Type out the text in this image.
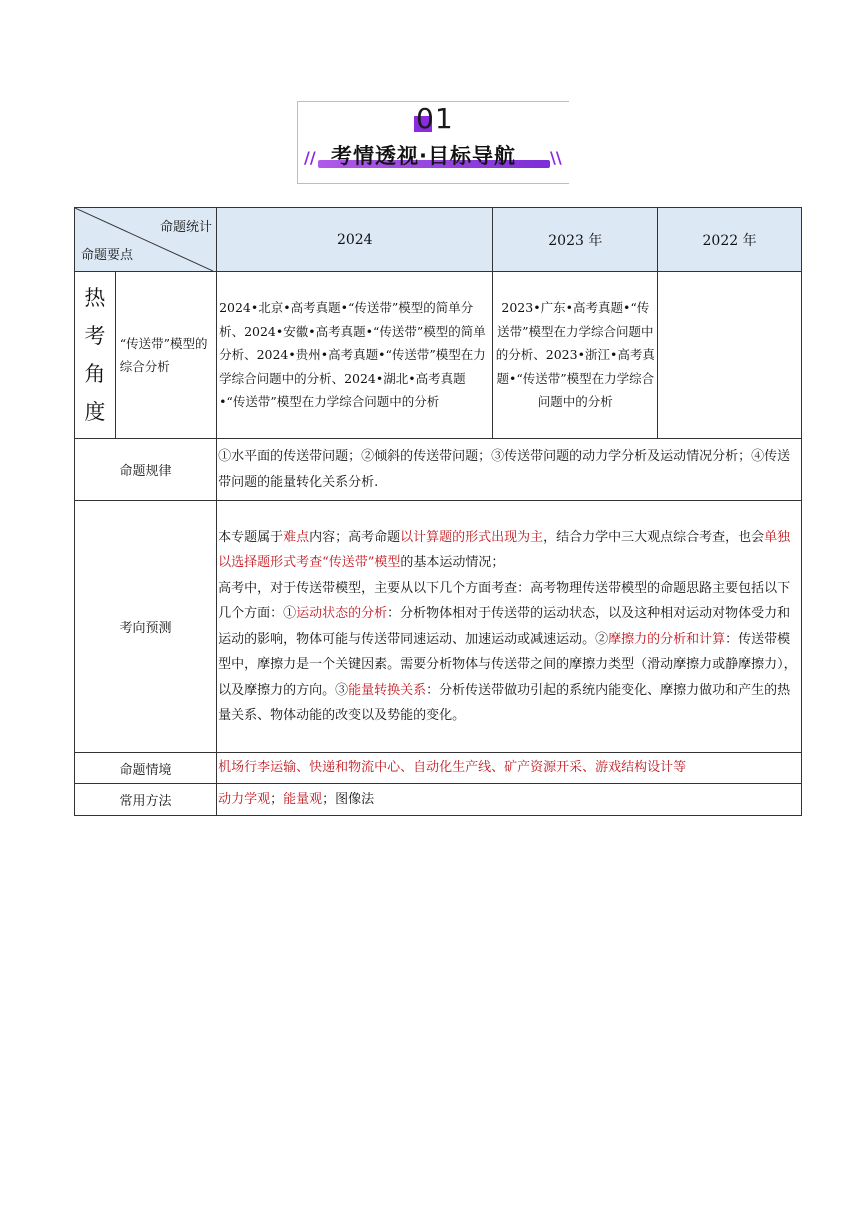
01
// 考情透视·目标导航 \\
命题统计
命题要点		2024	2023 年	2022 年

热
考
角
度	“传送带”模型的综合分析	2024•北京•高考真题•“传送带”模型的简单分析、2024•安徽•高考真题•“传送带”模型的简单分析、2024•贵州•高考真题•“传送带”模型在力学综合问题中的分析、2024•湖北•高考真题•“传送带”模型在力学综合问题中的分析	2023•广东•高考真题•“传送带”模型在力学综合问题中的分析、2023•浙江•高考真题•“传送带”模型在力学综合问题中的分析	
命题规律		①水平面的传送带问题；②倾斜的传送带问题；③传送带问题的动力学分析及运动情况分析；④传送带问题的能量转化关系分析.		
考向预测		本专题属于难点内容；高考命题以计算题的形式出现为主，结合力学中三大观点综合考查，也会单独以选择题形式考查“传送带”模型的基本运动情况；
高考中，对于传送带模型，主要从以下几个方面考查：高考物理传送带模型的命题思路主要包括以下几个方面：①运动状态的分析：分析物体相对于传送带的运动状态，以及这种相对运动对物体受力和运动的影响，物体可能与传送带同速运动、加速运动或减速运动。②摩擦力的分析和计算：传送带模型中，摩擦力是一个关键因素。需要分析物体与传送带之间的摩擦力类型（滑动摩擦力或静摩擦力），以及摩擦力的方向。③能量转换关系：分析传送带做功引起的系统内能变化、摩擦力做功和产生的热量关系、物体动能的改变以及势能的变化。		

命题情境		机场行李运输、快递和物流中心、自动化生产线、矿产资源开采、游戏结构设计等		
常用方法		动力学观；能量观；图像法		
